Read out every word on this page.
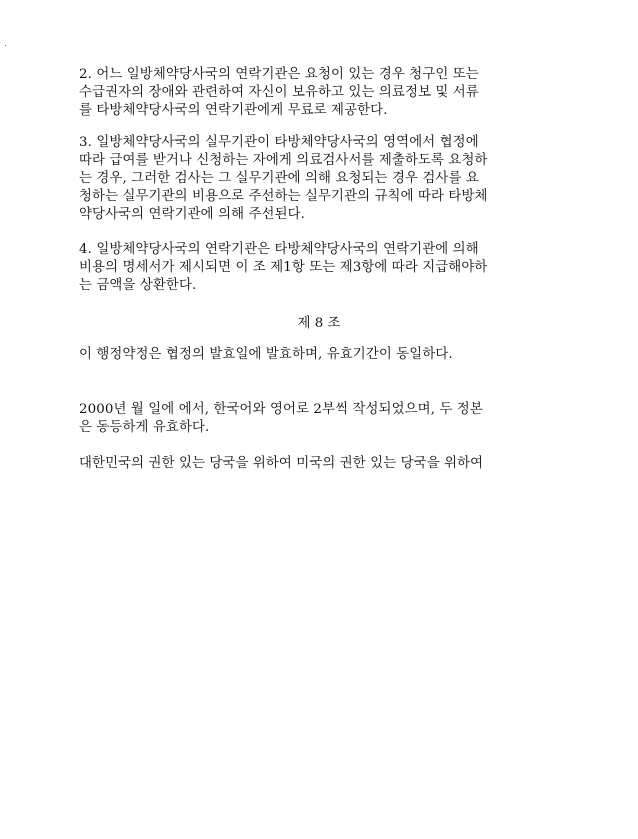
2. 어느 일방체약당사국의 연락기관은 요청이 있는 경우 청구인 또는
수급권자의 장애와 관련하여 자신이 보유하고 있는 의료정보 및 서류
를 타방체약당사국의 연락기관에게 무료로 제공한다.
3. 일방체약당사국의 실무기관이 타방체약당사국의 영역에서 협정에
따라 급여를 받거나 신청하는 자에게 의료검사서를 제출하도록 요청하
는 경우, 그러한 검사는 그 실무기관에 의해 요청되는 경우 검사를 요
청하는 실무기관의 비용으로 주선하는 실무기관의 규칙에 따라 타방체
약당사국의 연락기관에 의해 주선된다.
4. 일방체약당사국의 연락기관은 타방체약당사국의 연락기관에 의해
비용의 명세서가 제시되면 이 조 제1항 또는 제3항에 따라 지급해야하
는 금액을 상환한다.
제 8 조
이 행정약정은 협정의 발효일에 발효하며, 유효기간이 동일하다.
2000년 월 일에 에서, 한국어와 영어로 2부씩 작성되었으며, 두 정본
은 동등하게 유효하다.
대한민국의 권한 있는 당국을 위하여 미국의 권한 있는 당국을 위하여
